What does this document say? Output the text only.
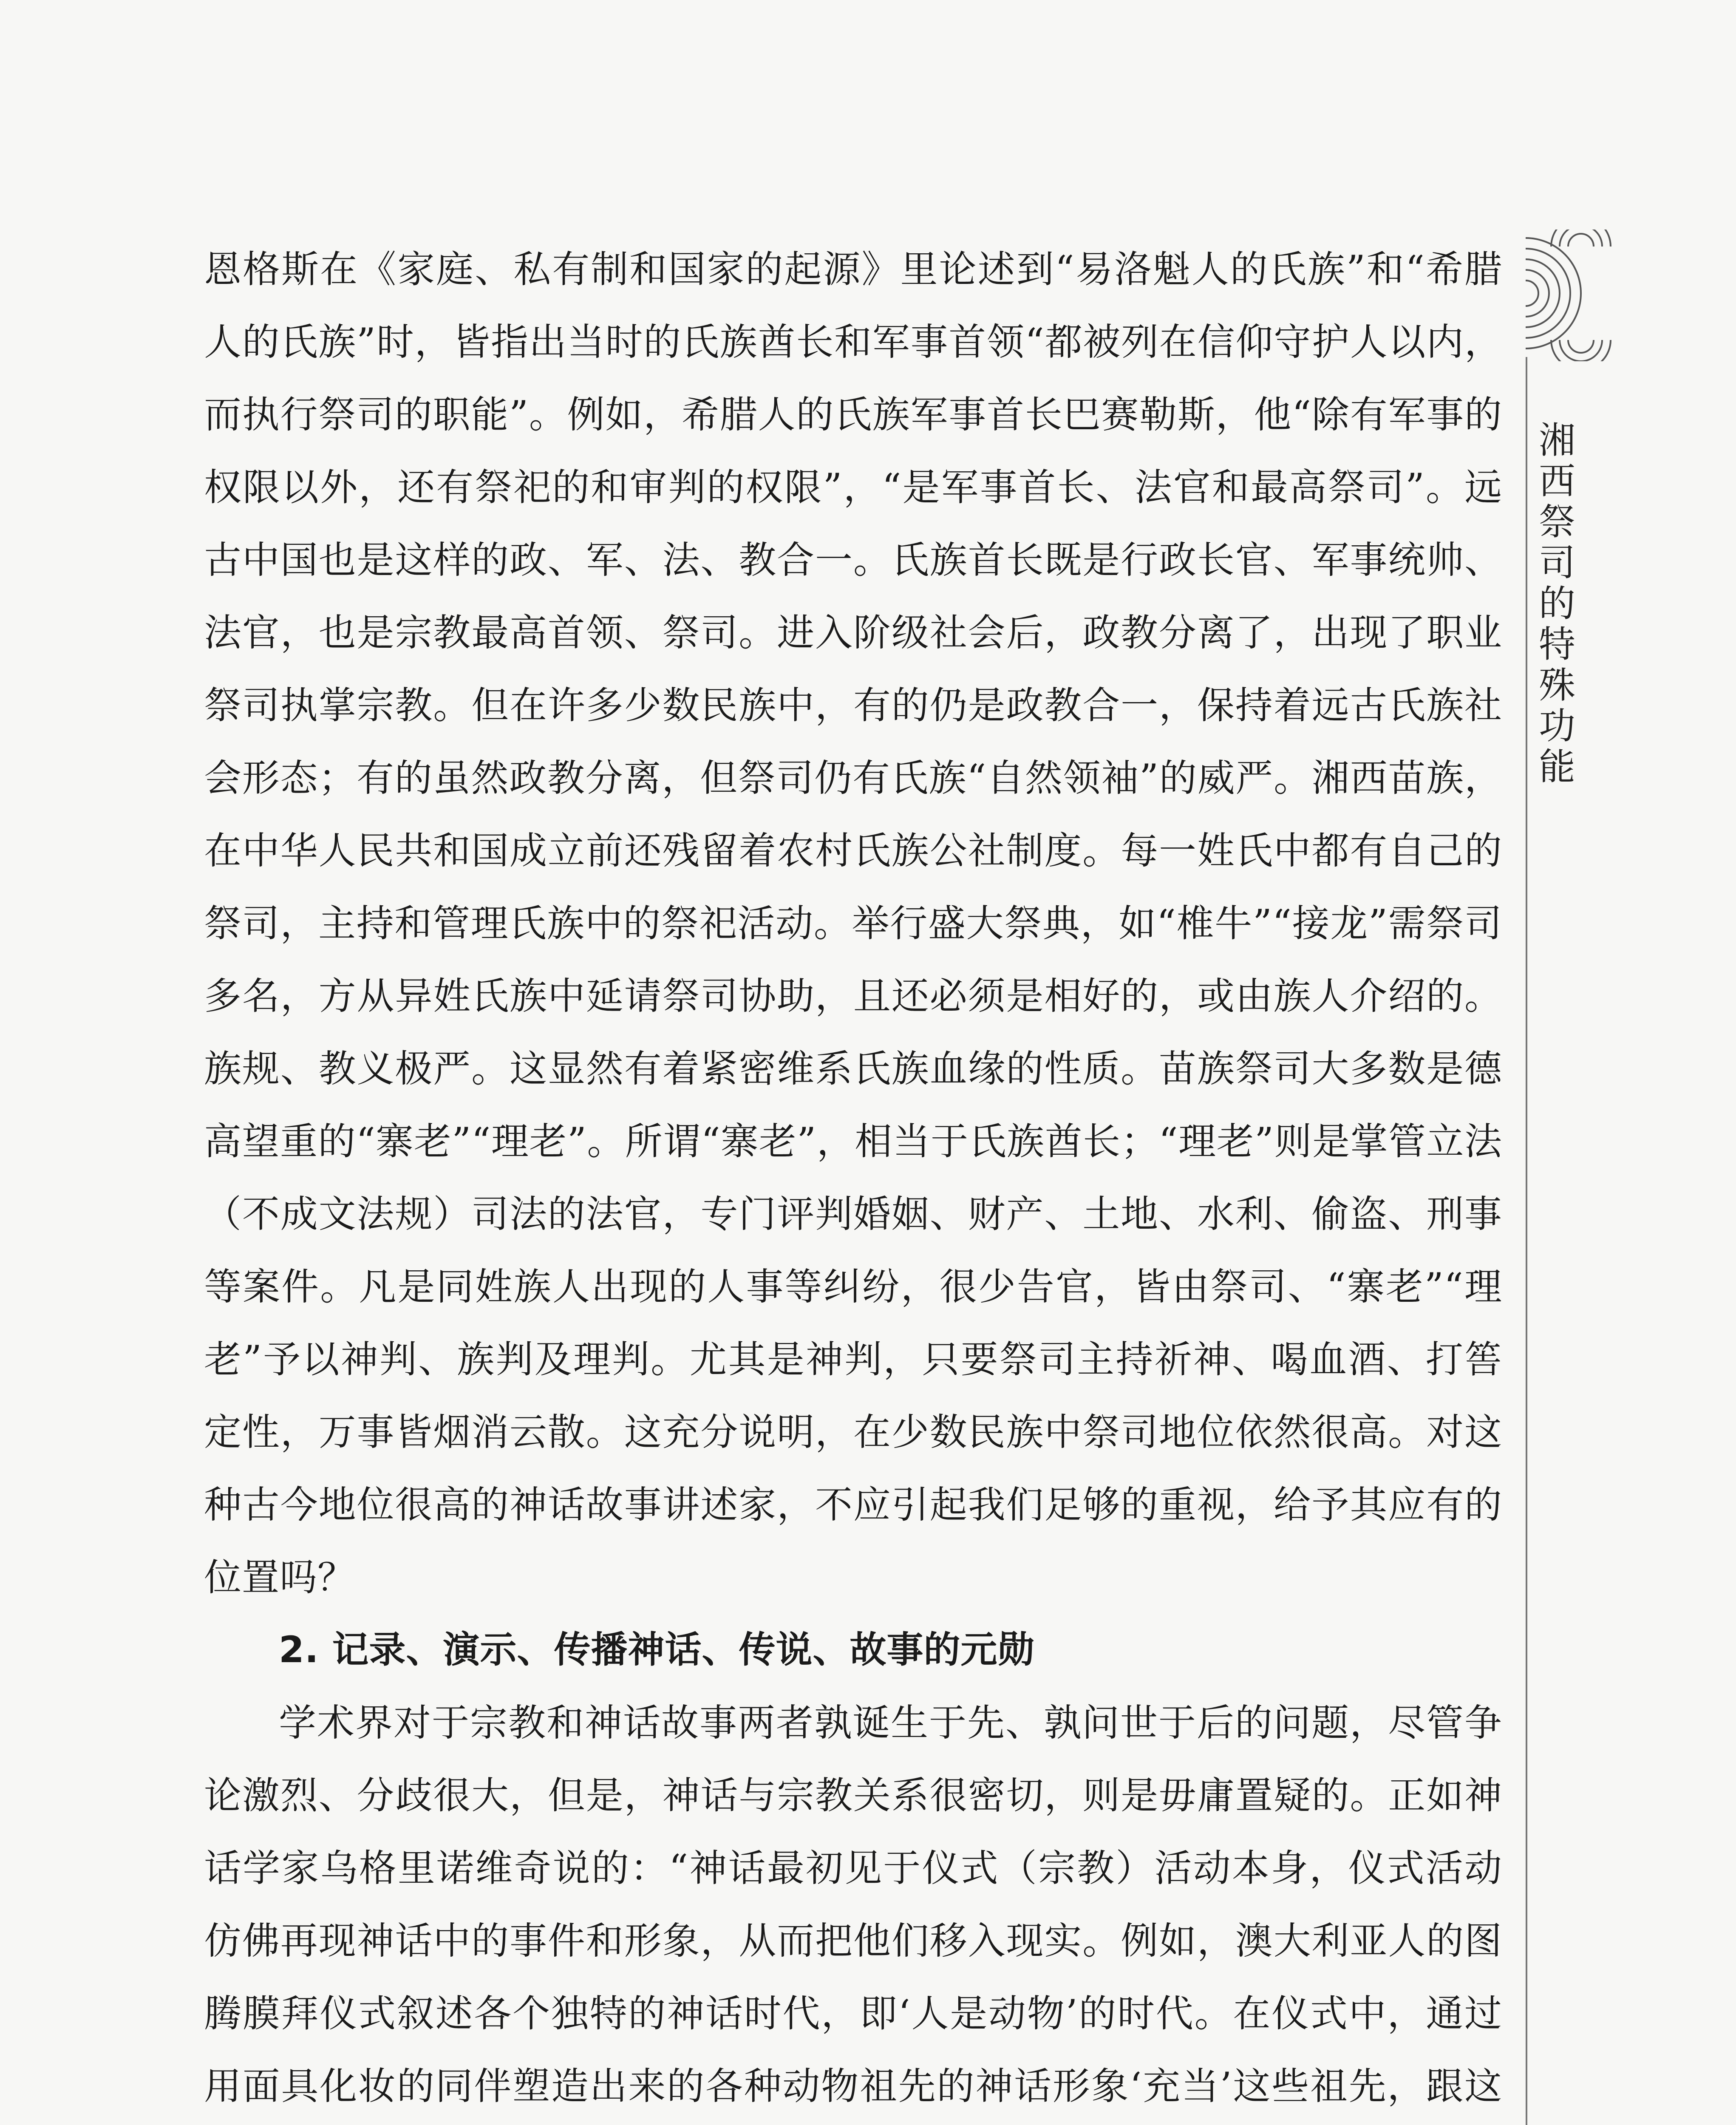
恩格斯在《家庭、私有制和国家的起源》里论述到“易洛魁人的氏族”和“希腊人的氏族”时，皆指出当时的氏族酋长和军事首领“都被列在信仰守护人以内，而执行祭司的职能”。例如，希腊人的氏族军事首长巴赛勒斯，他“除有军事的权限以外，还有祭祀的和审判的权限”，“是军事首长、法官和最高祭司”。远古中国也是这样的政、军、法、教合一。氏族首长既是行政长官、军事统帅、法官，也是宗教最高首领、祭司。进入阶级社会后，政教分离了，出现了职业祭司执掌宗教。但在许多少数民族中，有的仍是政教合一，保持着远古氏族社会形态；有的虽然政教分离，但祭司仍有氏族“自然领袖”的威严。湘西苗族，在中华人民共和国成立前还残留着农村氏族公社制度。每一姓氏中都有自己的祭司，主持和管理氏族中的祭祀活动。举行盛大祭典，如“椎牛”“接龙”需祭司多名，方从异姓氏族中延请祭司协助，且还必须是相好的，或由族人介绍的。族规、教义极严。这显然有着紧密维系氏族血缘的性质。苗族祭司大多数是德高望重的“寨老”“理老”。所谓“寨老”，相当于氏族酋长；“理老”则是掌管立法（不成文法规）司法的法官，专门评判婚姻、财产、土地、水利、偷盗、刑事等案件。凡是同姓族人出现的人事等纠纷，很少告官，皆由祭司、“寨老”“理老”予以神判、族判及理判。尤其是神判，只要祭司主持祈神、喝血酒、打筶定性，万事皆烟消云散。这充分说明，在少数民族中祭司地位依然很高。对这种古今地位很高的神话故事讲述家，不应引起我们足够的重视，给予其应有的位置吗？

2. 记录、演示、传播神话、传说、故事的元勋

学术界对于宗教和神话故事两者孰诞生于先、孰问世于后的问题，尽管争论激烈、分歧很大，但是，神话与宗教关系很密切，则是毋庸置疑的。正如神话学家乌格里诺维奇说的：“神话最初见于仪式（宗教）活动本身，仪式活动仿佛再现神话中的事件和形象，从而把他们移入现实。例如，澳大利亚人的图腾膜拜仪式叙述各个独特的神话时代，即‘人是动物’的时代。在仪式中，通过用面具化妆的同伴塑造出来的各种动物祖先的神话形象‘充当’这些祖先，跟这

湘西祭司的特殊功能
